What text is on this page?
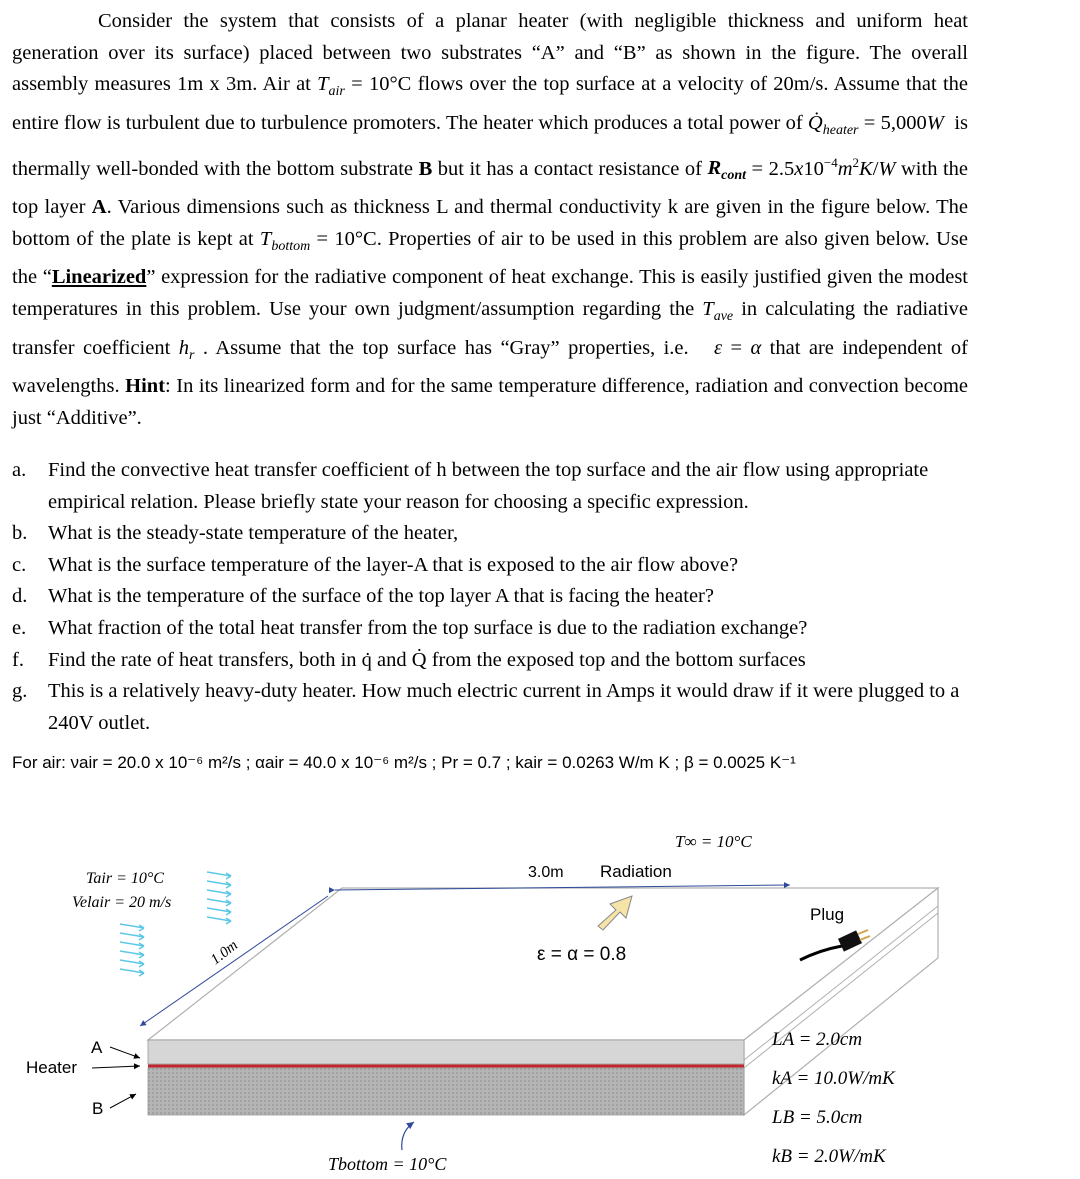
Consider the system that consists of a planar heater (with negligible thickness and uniform heat generation over its surface) placed between two substrates “A” and “B” as shown in the figure. The overall assembly measures 1m x 3m. Air at $T_{air} = 10^\circ C$ flows over the top surface at a velocity of 20m/s. Assume that the entire flow is turbulent due to turbulence promoters. The heater which produces a total power of $Q̇_{heater} = 5,000W$  is thermally well-bonded with the bottom substrate B but it has a contact resistance of $R_{cont} = 2.5x10^{-4}m^2K/W$ with the top layer A. Various dimensions such as thickness L and thermal conductivity k are given in the figure below. The bottom of the plate is kept at $T_{bottom} = 10^\circ C$. Properties of air to be used in this problem are also given below. Use the “Linearized” expression for the radiative component of heat exchange. This is easily justified given the modest temperatures in this problem. Use your own judgment/assumption regarding the $T_{ave}$ in calculating the radiative transfer coefficient $h_r$ . Assume that the top surface has “Gray” properties, i.e.   ε = α that are independent of wavelengths. Hint: In its linearized form and for the same temperature difference, radiation and convection become just “Additive”.

a. Find the convective heat transfer coefficient of h between the top surface and the air flow using appropriate empirical relation. Please briefly state your reason for choosing a specific expression.
b. What is the steady-state temperature of the heater,
c. What is the surface temperature of the layer-A that is exposed to the air flow above?
d. What is the temperature of the surface of the top layer A that is facing the heater?
e. What fraction of the total heat transfer from the top surface is due to the radiation exchange?
f. Find the rate of heat transfers, both in q̇ and Q̇ from the exposed top and the bottom surfaces
g. This is a relatively heavy-duty heater. How much electric current in Amps it would draw if it were plugged to a 240V outlet.
For air: νair = 20.0 x 10⁻⁶ m²/s ; αair = 40.0 x 10⁻⁶ m²/s ; Pr = 0.7 ; kair = 0.0263 W/m K ; β = 0.0025 K⁻¹
T∞ = 10°C
3.0m Radiation
ε = α = 0.8
Plug
Tair = 10°C
Velair = 20 m/s
1.0m
A
Heater
B
Tbottom = 10°C
LA = 2.0cm
kA = 10.0W/mK
LB = 5.0cm
kB = 2.0W/mK
